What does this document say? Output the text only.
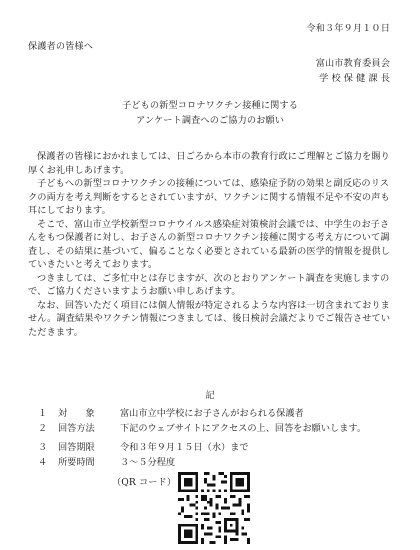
令和３年９月１０日
保護者の皆様へ
富山市教育委員会
学 校 保 健 課 長
子どもの新型コロナワクチン接種に関する
アンケート調査へのご協力のお願い

保護者の皆様におかれましては、日ごろから本市の教育行政にご理解とご協力を賜り厚くお礼申しあげます。

子どもへの新型コロナワクチンの接種については、感染症予防の効果と副反応のリスクの両方を考え判断をするとされていますが、ワクチンに関する情報不足や不安の声も耳にしております。

そこで、富山市立学校新型コロナウイルス感染症対策検討会議では、中学生のお子さんをもつ保護者に対し、お子さんの新型コロナワクチン接種に関する考え方について調査し、その結果に基づいて、偏ることなく必要とされている最新の医学的情報を提供していきたいと考えております。

つきましては、ご多忙中とは存じますが、次のとおりアンケート調査を実施しますので、ご協力くださいますようお願い申しあげます。

なお、回答いただく項目には個人情報が特定されるような内容は一切含まれておりません。調査結果やワクチン情報につきましては、後日検討会議だよりでご報告させていただきます。

記
１	対　　象	富山市立中学校にお子さんがおられる保護者
２	回答方法	下記のウェブサイトにアクセスの上、回答をお願いします。
３	回答期限	令和３年９月１５日（水）まで
４	所要時間	３～５分程度
（QR コード）
